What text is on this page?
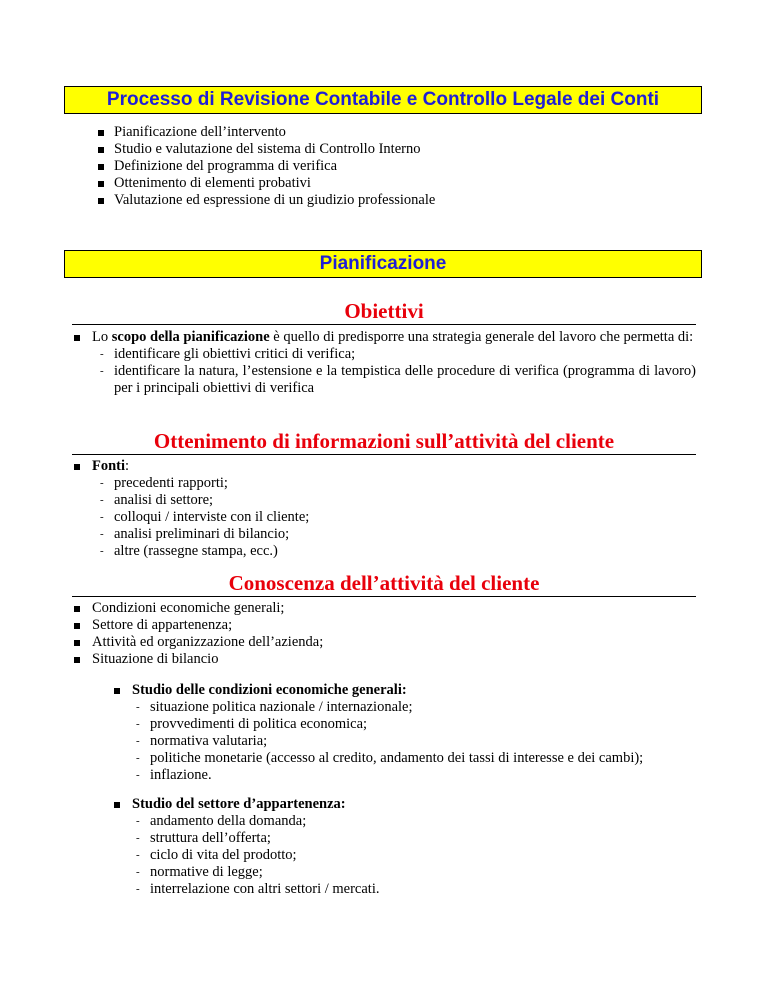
Processo di Revisione Contabile e Controllo Legale dei Conti
Pianificazione dell’intervento
Studio e valutazione del sistema di Controllo Interno
Definizione del programma di verifica
Ottenimento di elementi probativi
Valutazione ed espressione di un giudizio professionale
Pianificazione
Obiettivi
Lo scopo della pianificazione è quello di predisporre una strategia generale del lavoro che permetta di:
- identificare gli obiettivi critici di verifica;
- identificare la natura, l’estensione e la tempistica delle procedure di verifica (programma di lavoro) per i principali obiettivi di verifica
Ottenimento di informazioni sull’attività del cliente
Fonti:
- precedenti rapporti;
- analisi di settore;
- colloqui / interviste con il cliente;
- analisi preliminari di bilancio;
- altre (rassegne stampa, ecc.)
Conoscenza dell’attività del cliente
Condizioni economiche generali;
Settore di appartenenza;
Attività ed organizzazione dell’azienda;
Situazione di bilancio
Studio delle condizioni economiche generali:
- situazione politica nazionale / internazionale;
- provvedimenti di politica economica;
- normativa valutaria;
- politiche monetarie (accesso al credito, andamento dei tassi di interesse e dei cambi);
- inflazione.
Studio del settore d’appartenenza:
- andamento della domanda;
- struttura dell’offerta;
- ciclo di vita del prodotto;
- normative di legge;
- interrelazione con altri settori / mercati.
